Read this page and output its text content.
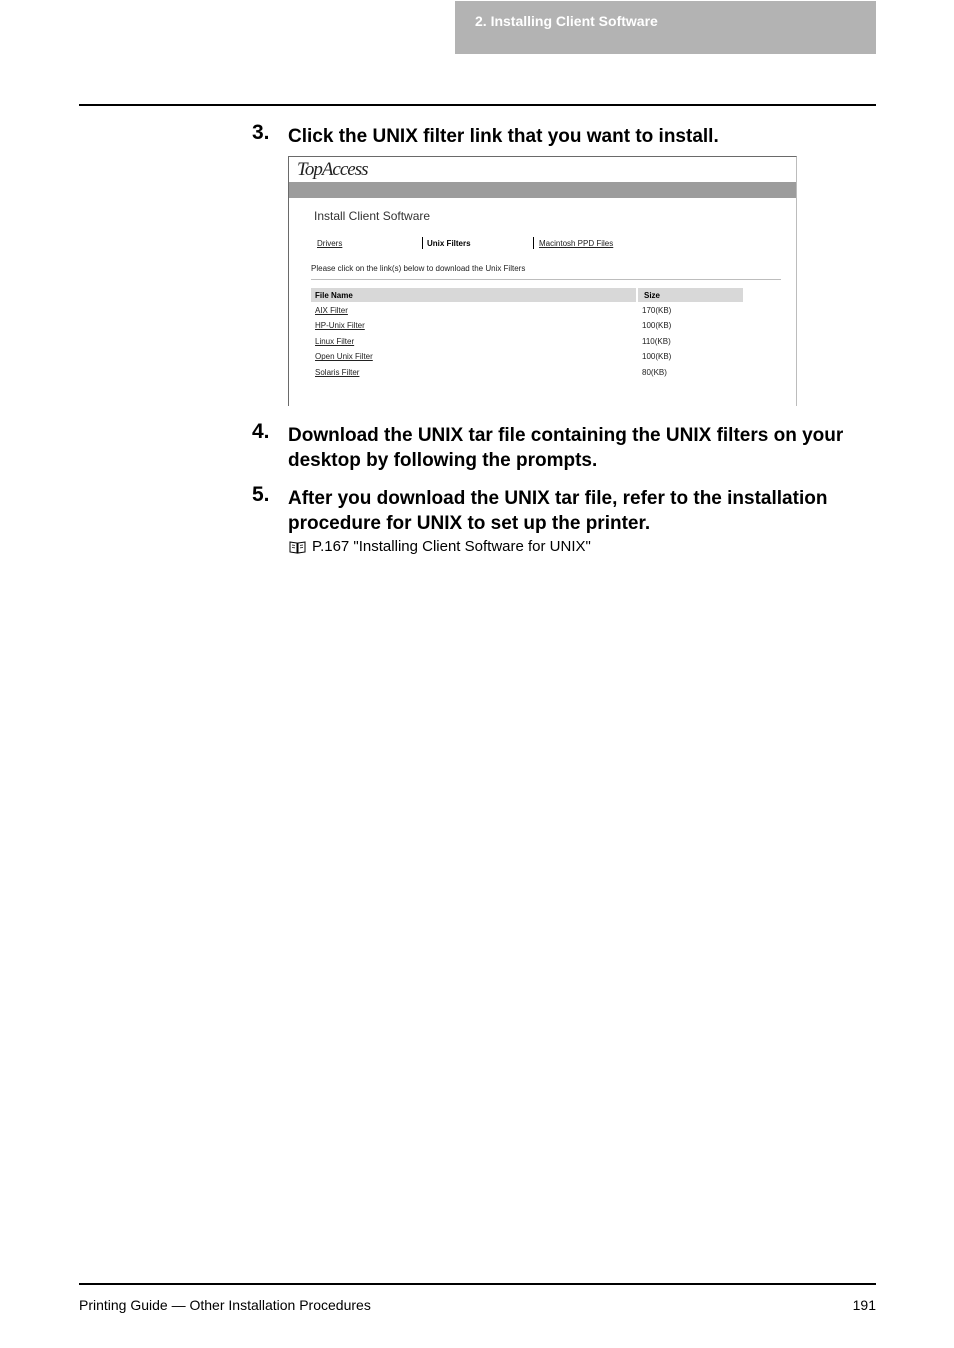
2. Installing Client Software
3. Click the UNIX filter link that you want to install.
TopAccess
Install Client Software
Drivers	Unix Filters	Macintosh PPD Files
Please click on the link(s) below to download the Unix Filters
File Name	Size
AIX Filter	170(KB)
HP-Unix Filter	100(KB)
Linux Filter	110(KB)
Open Unix Filter	100(KB)
Solaris Filter	80(KB)
4. Download the UNIX tar file containing the UNIX filters on your
desktop by following the prompts.
5. After you download the UNIX tar file, refer to the installation
procedure for UNIX to set up the printer.
P.167 "Installing Client Software for UNIX"
Printing Guide — Other Installation Procedures	191
